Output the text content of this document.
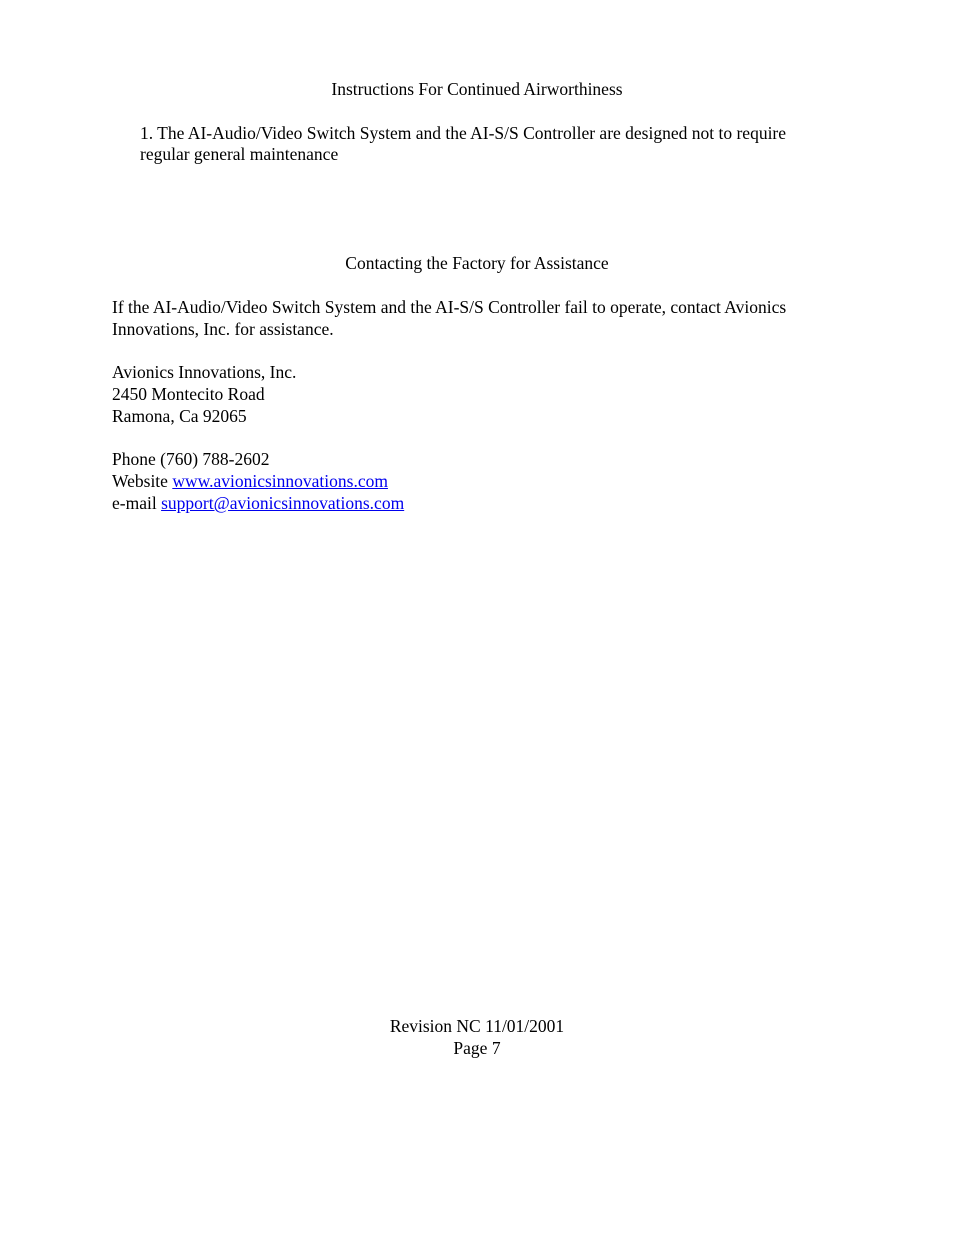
Instructions For Continued Airworthiness
1. The AI-Audio/Video Switch System and the AI-S/S Controller are designed not to require
regular general maintenance
Contacting the Factory for Assistance
If the AI-Audio/Video Switch System and the AI-S/S Controller fail to operate, contact Avionics
Innovations, Inc. for assistance.
Avionics Innovations, Inc.
2450 Montecito Road
Ramona, Ca 92065
Phone (760) 788-2602
Website www.avionicsinnovations.com
e-mail support@avionicsinnovations.com
Revision NC 11/01/2001
Page 7
